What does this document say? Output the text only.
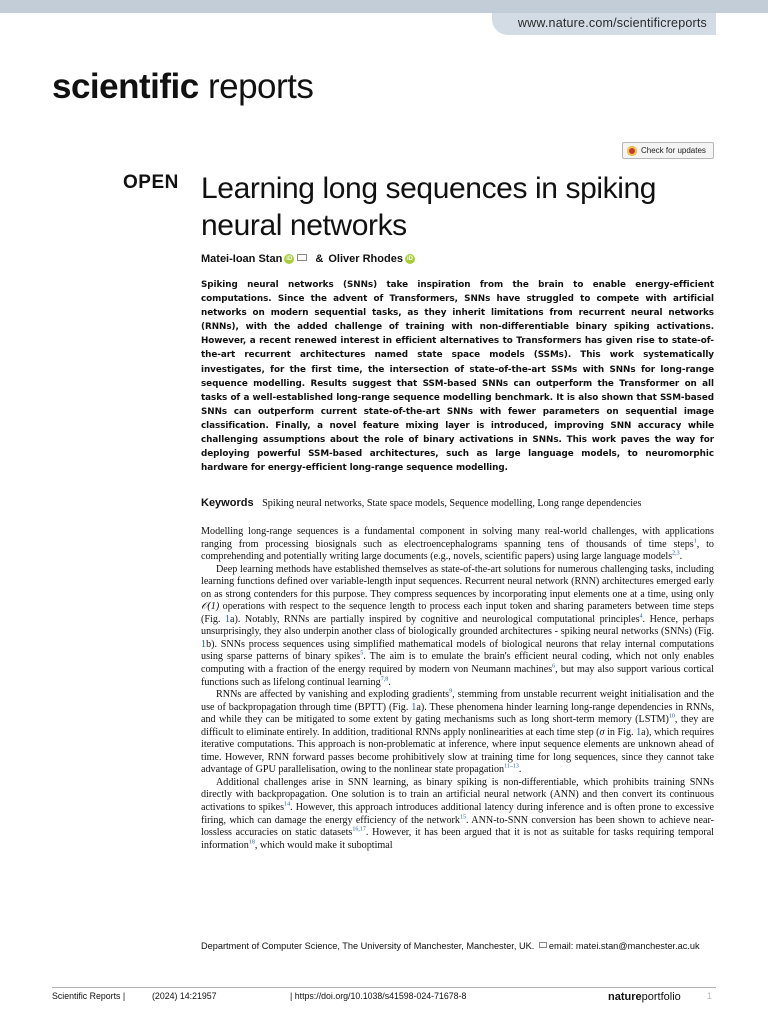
www.nature.com/scientificreports
scientific reports
Check for updates
OPEN Learning long sequences in spiking neural networks
Matei-Ioan Stan iD & Oliver Rhodes iD

Spiking neural networks (SNNs) take inspiration from the brain to enable energy-efficient computations. Since the advent of Transformers, SNNs have struggled to compete with artificial networks on modern sequential tasks, as they inherit limitations from recurrent neural networks (RNNs), with the added challenge of training with non-differentiable binary spiking activations. However, a recent renewed interest in efficient alternatives to Transformers has given rise to state-of-the-art recurrent architectures named state space models (SSMs). This work systematically investigates, for the first time, the intersection of state-of-the-art SSMs with SNNs for long-range sequence modelling. Results suggest that SSM-based SNNs can outperform the Transformer on all tasks of a well-established long-range sequence modelling benchmark. It is also shown that SSM-based SNNs can outperform current state-of-the-art SNNs with fewer parameters on sequential image classification. Finally, a novel feature mixing layer is introduced, improving SNN accuracy while challenging assumptions about the role of binary activations in SNNs. This work paves the way for deploying powerful SSM-based architectures, such as large language models, to neuromorphic hardware for energy-efficient long-range sequence modelling.

Keywords Spiking neural networks, State space models, Sequence modelling, Long range dependencies

Modelling long-range sequences is a fundamental component in solving many real-world challenges, with applications ranging from processing biosignals such as electroencephalograms spanning tens of thousands of time steps$^1$, to comprehending and potentially writing large documents (e.g., novels, scientific papers) using large language models$^{2,3}$.

Deep learning methods have established themselves as state-of-the-art solutions for numerous challenging tasks, including learning functions defined over variable-length input sequences. Recurrent neural network (RNN) architectures emerged early on as strong contenders for this purpose. They compress sequences by incorporating input elements one at a time, using only 𝒪(1) operations with respect to the sequence length to process each input token and sharing parameters between time steps (Fig. 1a). Notably, RNNs are partially inspired by cognitive and neurological computational principles$^4$. Hence, perhaps unsurprisingly, they also underpin another class of biologically grounded architectures - spiking neural networks (SNNs) (Fig. 1b). SNNs process sequences using simplified mathematical models of biological neurons that relay internal computations using sparse patterns of binary spikes$^5$. The aim is to emulate the brain's efficient neural coding, which not only enables computing with a fraction of the energy required by modern von Neumann machines$^6$, but may also support various cortical functions such as lifelong continual learning$^{7,8}$.

RNNs are affected by vanishing and exploding gradients$^9$, stemming from unstable recurrent weight initialisation and the use of backpropagation through time (BPTT) (Fig. 1a). These phenomena hinder learning long-range dependencies in RNNs, and while they can be mitigated to some extent by gating mechanisms such as long short-term memory (LSTM)$^{10}$, they are difficult to eliminate entirely. In addition, traditional RNNs apply nonlinearities at each time step (σ in Fig. 1a), which requires iterative computations. This approach is non-problematic at inference, where input sequence elements are unknown ahead of time. However, RNN forward passes become prohibitively slow at training time for long sequences, since they cannot take advantage of GPU parallelisation, owing to the nonlinear state propagation$^{11-13}$.

Additional challenges arise in SNN learning, as binary spiking is non-differentiable, which prohibits training SNNs directly with backpropagation. One solution is to train an artificial neural network (ANN) and then convert its continuous activations to spikes$^{14}$. However, this approach introduces additional latency during inference and is often prone to excessive firing, which can damage the energy efficiency of the network$^{15}$. ANN-to-SNN conversion has been shown to achieve near-lossless accuracies on static datasets$^{16,17}$. However, it has been argued that it is not as suitable for tasks requiring temporal information$^{18}$, which would make it suboptimal

Department of Computer Science, The University of Manchester, Manchester, UK. email: matei.stan@manchester.ac.uk
Scientific Reports |	(2024) 14:21957	| https://doi.org/10.1038/s41598-024-71678-8	natureportfolio	1
